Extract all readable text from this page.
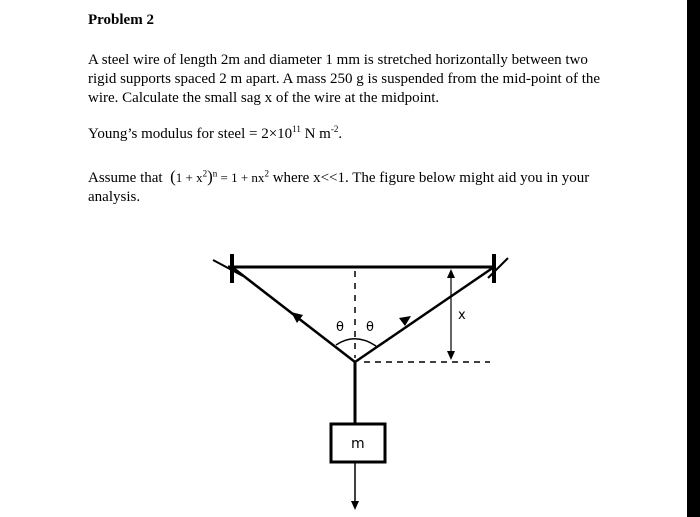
Problem 2
A steel wire of length 2m and diameter 1 mm is stretched horizontally between two rigid supports spaced 2 m apart. A mass 250 g is suspended from the mid-point of the wire. Calculate the small sag x of the wire at the midpoint.
Young’s modulus for steel = $2\times 10^{11}$ N $m^{-2}$.
Assume that $(1 + x^2)^n = 1 + nx^2$ where x<<1. The figure below might aid you in your analysis.
θ θ
x
m
